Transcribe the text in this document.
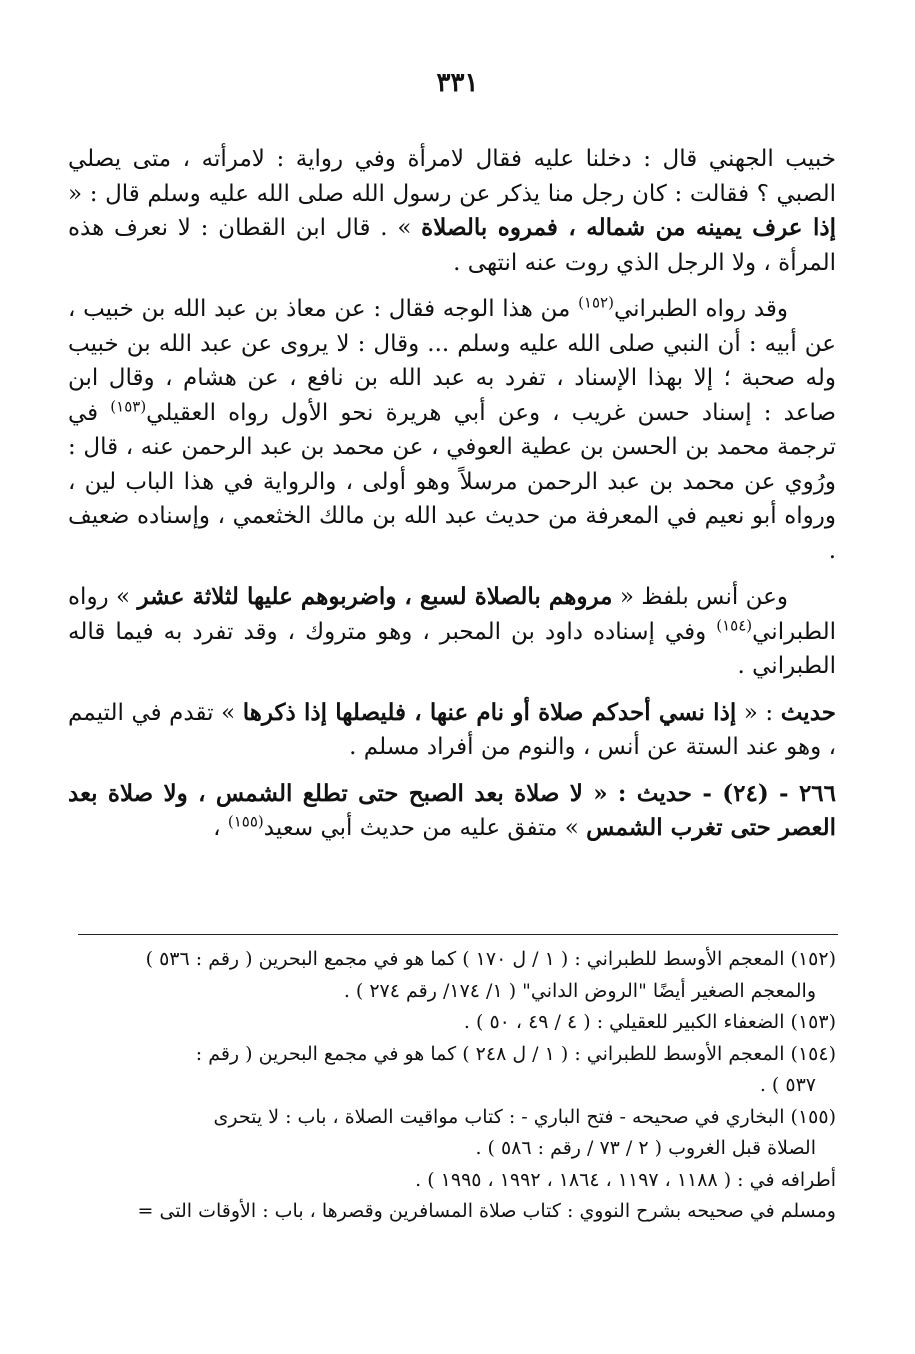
٣٣١

خبيب الجهني قال : دخلنا عليه فقال لامرأة وفي رواية : لامرأته ، متى يصلي الصبي ؟ فقالت : كان رجل منا يذكر عن رسول الله صلى الله عليه وسلم قال : « إذا عرف يمينه من شماله ، فمروه بالصلاة » . قال ابن القطان : لا نعرف هذه المرأة ، ولا الرجل الذي روت عنه انتهى .

وقد رواه الطبراني$^{(١٥٢)}$ من هذا الوجه فقال : عن معاذ بن عبد الله بن خبيب ، عن أبيه : أن النبي صلى الله عليه وسلم ... وقال : لا يروى عن عبد الله بن خبيب وله صحبة ؛ إلا بهذا الإسناد ، تفرد به عبد الله بن نافع ، عن هشام ، وقال ابن صاعد : إسناد حسن غريب ، وعن أبي هريرة نحو الأول رواه العقيلي$^{(١٥٣)}$ في ترجمة محمد بن الحسن بن عطية العوفي ، عن محمد بن عبد الرحمن عنه ، قال : ورُوي عن محمد بن عبد الرحمن مرسلاً وهو أولى ، والرواية في هذا الباب لين ، ورواه أبو نعيم في المعرفة من حديث عبد الله بن مالك الخثعمي ، وإسناده ضعيف .

وعن أنس بلفظ « مروهم بالصلاة لسبع ، واضربوهم عليها لثلاثة عشر » رواه الطبراني$^{(١٥٤)}$ وفي إسناده داود بن المحبر ، وهو متروك ، وقد تفرد به فيما قاله الطبراني .

حديث : « إذا نسي أحدكم صلاة أو نام عنها ، فليصلها إذا ذكرها » تقدم في التيمم ، وهو عند الستة عن أنس ، والنوم من أفراد مسلم .

٢٦٦ - (٢٤) - حديث : « لا صلاة بعد الصبح حتى تطلع الشمس ، ولا صلاة بعد العصر حتى تغرب الشمس » متفق عليه من حديث أبي سعيد$^{(١٥٥)}$ ،

(١٥٢) المعجم الأوسط للطبراني : ( ١ / ل ١٧٠ ) كما هو في مجمع البحرين ( رقم : ٥٣٦ )

والمعجم الصغير أيضًا "الروض الداني" ( ١/ ١٧٤/ رقم ٢٧٤ ) .

(١٥٣) الضعفاء الكبير للعقيلي : ( ٤ / ٤٩ ، ٥٠ ) .

(١٥٤) المعجم الأوسط للطبراني : ( ١ / ل ٢٤٨ ) كما هو في مجمع البحرين ( رقم :

٥٣٧ ) .

(١٥٥) البخاري في صحيحه - فتح الباري - : كتاب مواقيت الصلاة ، باب : لا يتحرى

الصلاة قبل الغروب ( ٢ / ٧٣ / رقم : ٥٨٦ ) .

أطرافه في : ( ١١٨٨ ، ١١٩٧ ، ١٨٦٤ ، ١٩٩٢ ، ١٩٩٥ ) .

ومسلم في صحيحه بشرح النووي : كتاب صلاة المسافرين وقصرها ، باب : الأوقات التى =
